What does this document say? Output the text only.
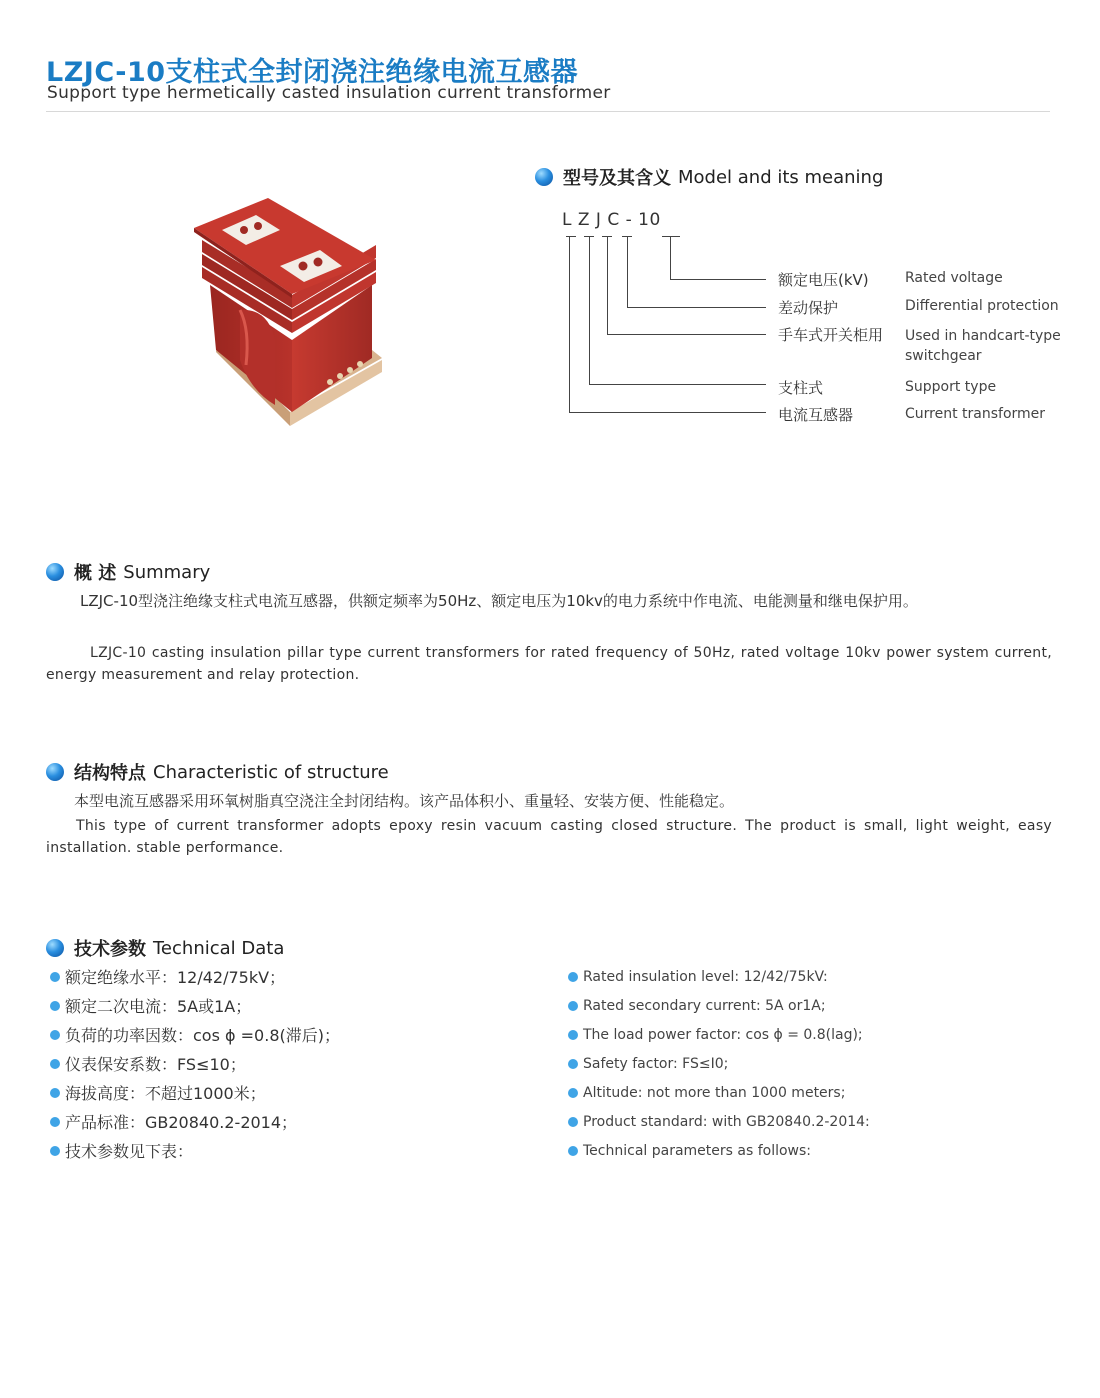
LZJC-10支柱式全封闭浇注绝缘电流互感器
Support type hermetically casted insulation current transformer
型号及其含义 Model and its meaning
L Z J C - 10
额定电压(kV)	Rated voltage
差动保护	Differential protection
手车式开关柜用 Used in handcart-type switchgear
支柱式	Support type
电流互感器	Current transformer
概 述 Summary
LZJC-10型浇注绝缘支柱式电流互感器，供额定频率为50Hz、额定电压为10kv的电力系统中作电流、电能测量和继电保护用。
LZJC-10 casting insulation pillar type current transformers for rated frequency of 50Hz, rated voltage 10kv power system current, energy measurement and relay protection.
结构特点 Characteristic of structure
本型电流互感器采用环氧树脂真空浇注全封闭结构。该产品体积小、重量轻、安装方便、性能稳定。
This type of current transformer adopts epoxy resin vacuum casting closed structure. The product is small, light weight, easy installation. stable performance.
技术参数 Technical Data
额定绝缘水平：12/42/75kV；
额定二次电流：5A或1A；
负荷的功率因数：cos ϕ =0.8(滞后)；
仪表保安系数：FS≤10；
海拔高度：不超过1000米；
产品标准：GB20840.2-2014；
技术参数见下表：
Rated insulation level: 12/42/75kV:
Rated secondary current: 5A or1A;
The load power factor: cos ϕ = 0.8(lag);
Safety factor: FS≤I0;
Altitude: not more than 1000 meters;
Product standard: with GB20840.2-2014:
Technical parameters as follows:
